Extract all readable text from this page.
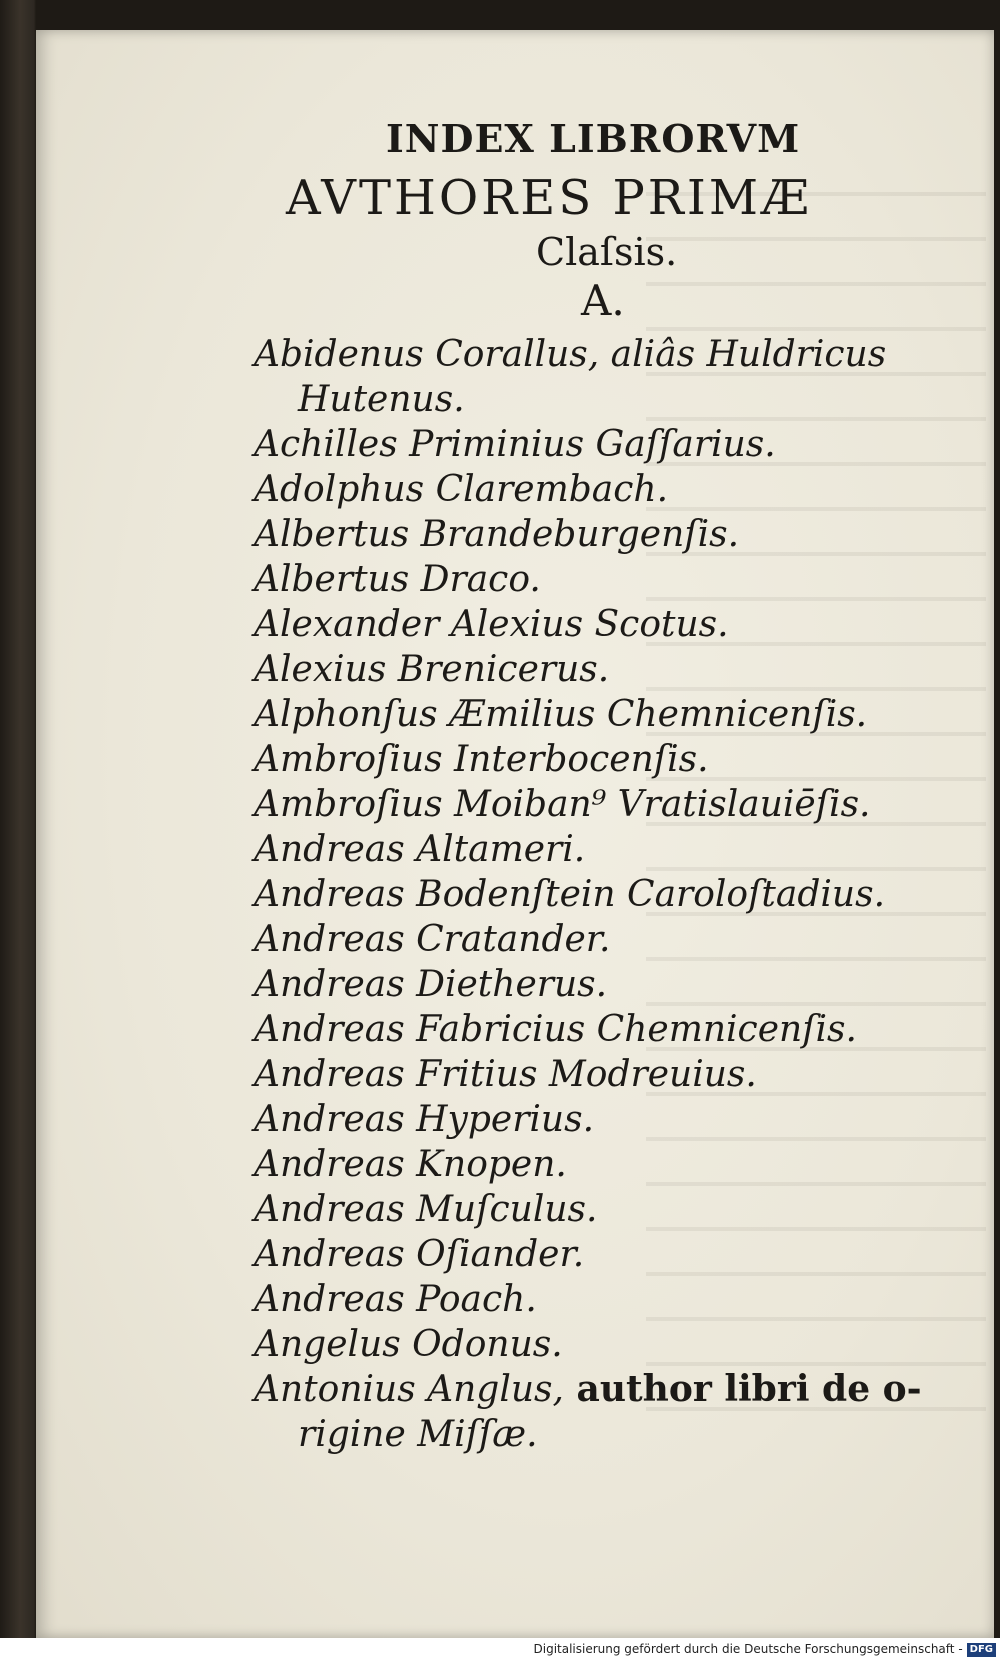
INDEX LIBRORVM
AVTHORES PRIMÆ
Claſsis.
A.
Abidenus Corallus, aliâs Huldricus
Hutenus.
Achilles Priminius Gaſſarius.
Adolphus Clarembach.
Albertus Brandeburgenſis.
Albertus Draco.
Alexander Alexius Scotus.
Alexius Brenicerus.
Alphonſus Æmilius Chemnicenſis.
Ambroſius Interbocenſis.
Ambroſius Moiban⁹ Vratislauiēſis.
Andreas Altameri.
Andreas Bodenſtein Caroloſtadius.
Andreas Cratander.
Andreas Dietherus.
Andreas Fabricius Chemnicenſis.
Andreas Fritius Modreuius.
Andreas Hyperius.
Andreas Knopen.
Andreas Muſculus.
Andreas Oſiander.
Andreas Poach.
Angelus Odonus.
Antonius Anglus, author libri de o-
rigine Miſſæ.
Digitalisierung gefördert durch die Deutsche Forschungsgemeinschaft - DFG
